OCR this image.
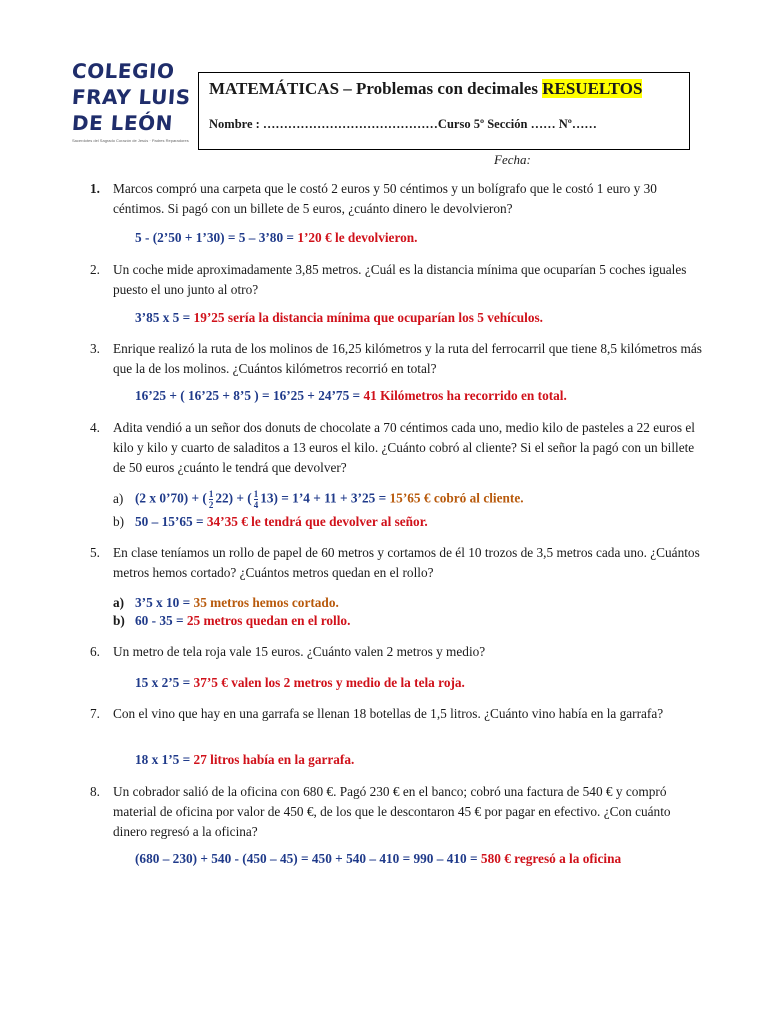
COLEGIO
FRAY LUIS
DE LEÓN
Sacerdotes del Sagrado Corazón de Jesús · Padres Reparadores
MATEMÁTICAS – Problemas con decimales RESUELTOS
Nombre : ……………………………………Curso 5º Sección …… Nº……
Fecha:
1. Marcos compró una carpeta que le costó 2 euros y 50 céntimos y un bolígrafo que le costó 1 euro y 30 céntimos. Si pagó con un billete de 5 euros, ¿cuánto dinero le devolvieron?
5 - (2’50 + 1’30) = 5 – 3’80 = 1’20 € le devolvieron.
2. Un coche mide aproximadamente 3,85 metros. ¿Cuál es la distancia mínima que ocuparían 5 coches iguales puesto el uno junto al otro?
3’85 x 5 = 19’25 sería la distancia mínima que ocuparían los 5 vehículos.
3. Enrique realizó la ruta de los molinos de 16,25 kilómetros y la ruta del ferrocarril que tiene 8,5 kilómetros más que la de los molinos. ¿Cuántos kilómetros recorrió en total?
16’25 + ( 16’25 + 8’5 ) = 16’25 + 24’75 = 41 Kilómetros ha recorrido en total.
4. Adita vendió a un señor dos donuts de chocolate a 70 céntimos cada uno, medio kilo de pasteles a 22 euros el kilo y kilo y cuarto de saladitos a 13 euros el kilo. ¿Cuánto cobró al cliente? Si el señor la pagó con un billete de 50 euros ¿cuánto le tendrá que devolver?
a) (2 x 0’70) + ( $\frac{1}{2} 22$) + ( $\frac{1}{4} 13$) = 1’4 + 11 + 3’25 = 15’65 € cobró al cliente.
b) 50 – 15’65 = 34’35 € le tendrá que devolver al señor.
5. En clase teníamos un rollo de papel de 60 metros y cortamos de él 10 trozos de 3,5 metros cada uno. ¿Cuántos metros hemos cortado? ¿Cuántos metros quedan en el rollo?
a) 3’5 x 10 = 35 metros hemos cortado.
b) 60 - 35 = 25 metros quedan en el rollo.
6. Un metro de tela roja vale 15 euros. ¿Cuánto valen 2 metros y medio?
15 x 2’5 = 37’5 € valen los 2 metros y medio de la tela roja.
7. Con el vino que hay en una garrafa se llenan 18 botellas de 1,5 litros. ¿Cuánto vino había en la garrafa?
18 x 1’5 = 27 litros había en la garrafa.
8. Un cobrador salió de la oficina con 680 €. Pagó 230 € en el banco; cobró una factura de 540 € y compró material de oficina por valor de 450 €, de los que le descontaron 45 € por pagar en efectivo. ¿Con cuánto dinero regresó a la oficina?
(680 – 230) + 540 - (450 – 45) = 450 + 540 – 410 = 990 – 410 = 580 € regresó a la oficina
